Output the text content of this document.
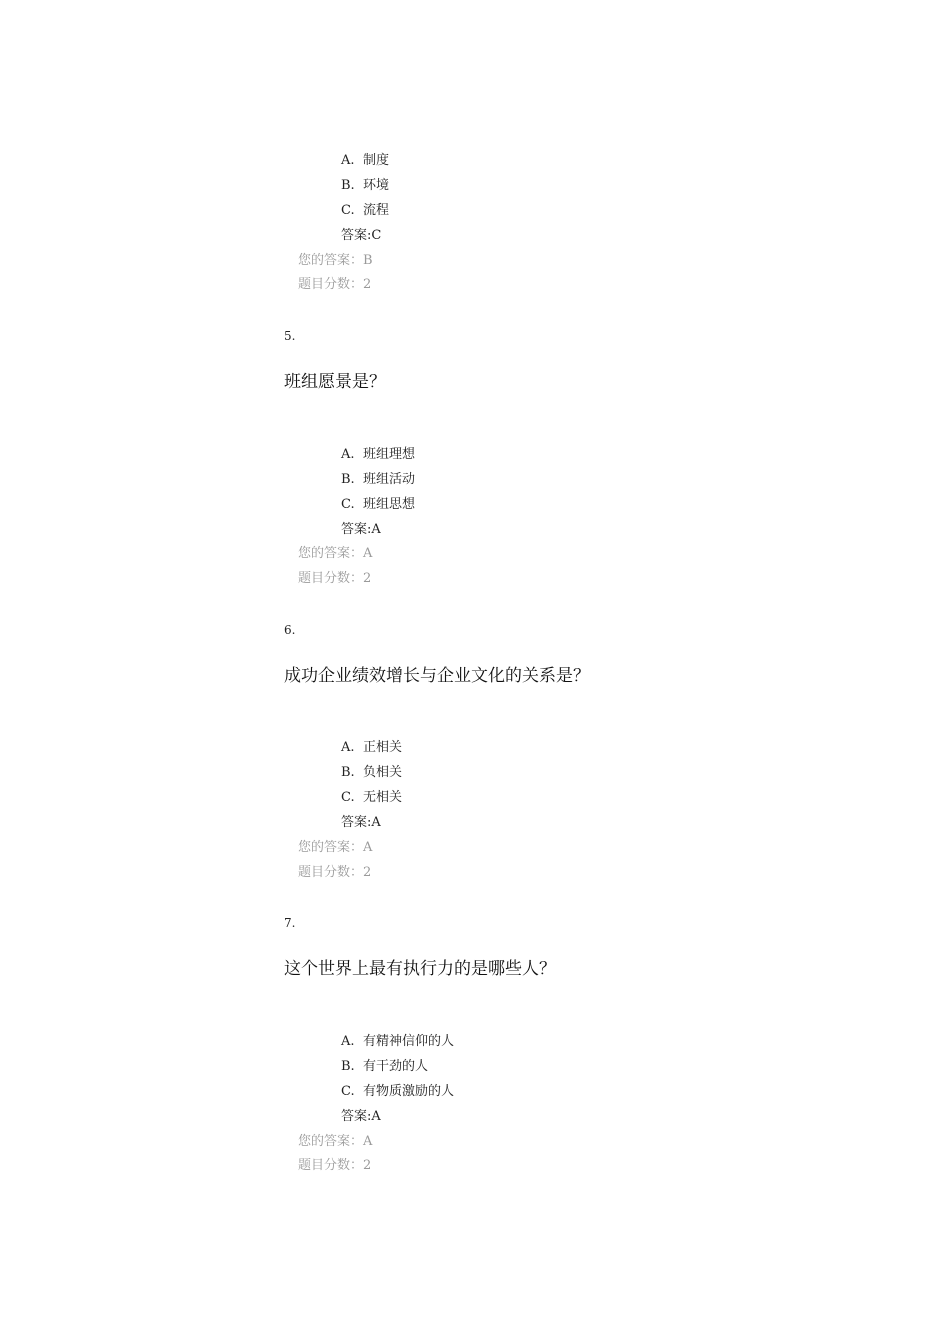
A. 制度
B. 环境
C. 流程
答案:C
您的答案：B
题目分数：2
5.
班组愿景是？
A. 班组理想
B. 班组活动
C. 班组思想
答案:A
您的答案：A
题目分数：2
6.
成功企业绩效增长与企业文化的关系是？
A. 正相关
B. 负相关
C. 无相关
答案:A
您的答案：A
题目分数：2
7.
这个世界上最有执行力的是哪些人？
A. 有精神信仰的人
B. 有干劲的人
C. 有物质激励的人
答案:A
您的答案：A
题目分数：2
